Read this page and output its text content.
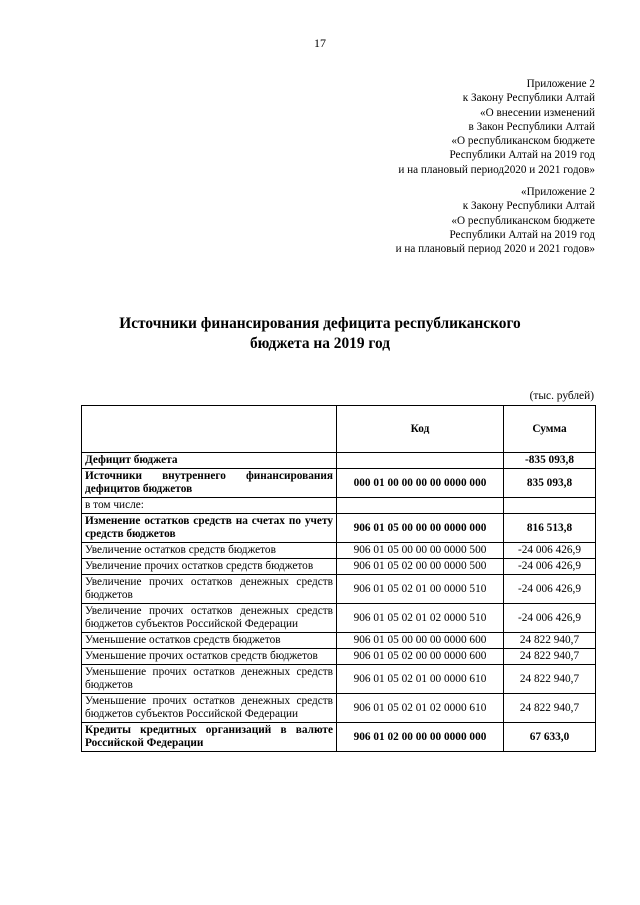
17
Приложение 2
к Закону Республики Алтай
«О внесении изменений
в Закон Республики Алтай
«О республиканском бюджете
Республики Алтай на 2019 год
и на плановый период2020 и 2021 годов»
«Приложение 2
к Закону Республики Алтай
«О республиканском бюджете
Республики Алтай на 2019 год
и на плановый период 2020 и 2021 годов»
Источники финансирования дефицита республиканского
бюджета на 2019 год
(тыс. рублей)
	Код	Сумма
Дефицит бюджета		-835 093,8
Источники внутреннего финансирования дефицитов бюджетов	000 01 00 00 00 00 0000 000	835 093,8
в том числе:		
Изменение остатков средств на счетах по учету средств бюджетов	906 01 05 00 00 00 0000 000	816 513,8
Увеличение остатков средств бюджетов	906 01 05 00 00 00 0000 500	-24 006 426,9
Увеличение прочих остатков средств бюджетов	906 01 05 02 00 00 0000 500	-24 006 426,9
Увеличение прочих остатков денежных средств бюджетов	906 01 05 02 01 00 0000 510	-24 006 426,9
Увеличение прочих остатков денежных средств бюджетов субъектов Российской Федерации	906 01 05 02 01 02 0000 510	-24 006 426,9
Уменьшение остатков средств бюджетов	906 01 05 00 00 00 0000 600	24 822 940,7
Уменьшение прочих остатков средств бюджетов	906 01 05 02 00 00 0000 600	24 822 940,7
Уменьшение прочих остатков денежных средств бюджетов	906 01 05 02 01 00 0000 610	24 822 940,7
Уменьшение прочих остатков денежных средств бюджетов субъектов Российской Федерации	906 01 05 02 01 02 0000 610	24 822 940,7
Кредиты кредитных организаций в валюте Российской Федерации	906 01 02 00 00 00 0000 000	67 633,0
